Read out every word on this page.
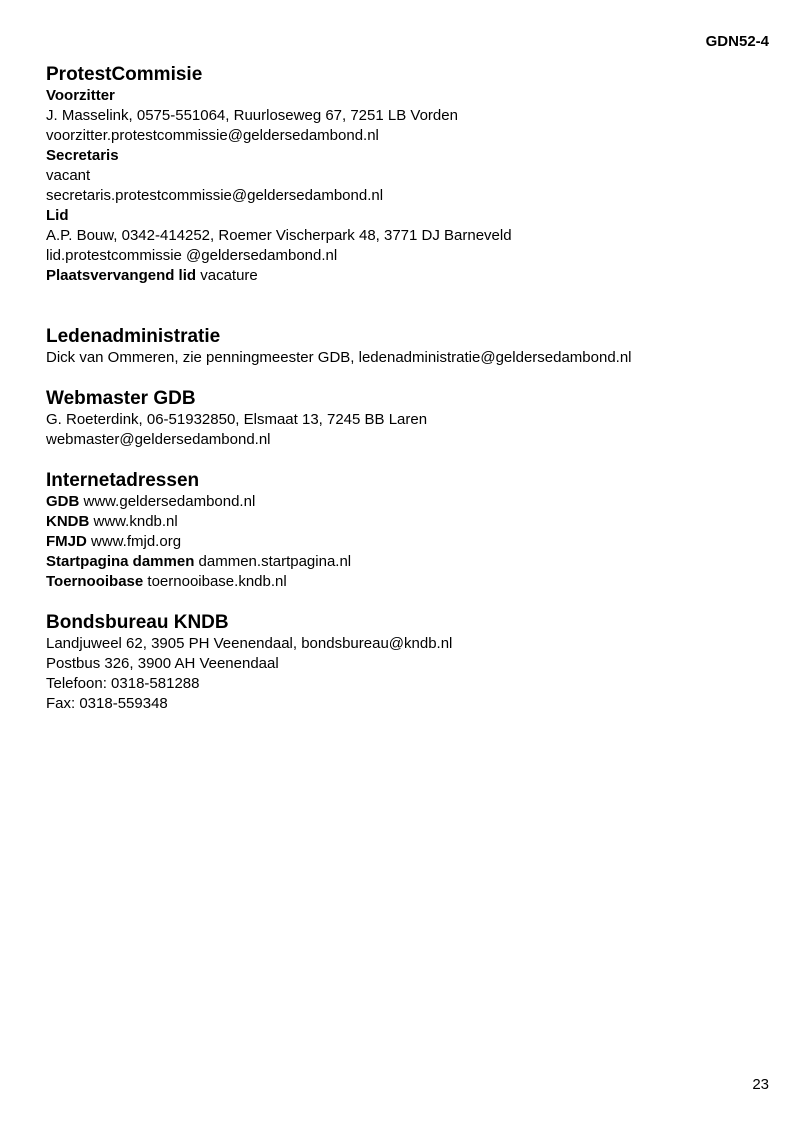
GDN52-4
ProtestCommisie

Voorzitter

J. Masselink, 0575-551064, Ruurloseweg 67, 7251 LB Vorden

voorzitter.protestcommissie@geldersedambond.nl

Secretaris

vacant

secretaris.protestcommissie@geldersedambond.nl

Lid

A.P. Bouw, 0342-414252, Roemer Vischerpark 48, 3771 DJ Barneveld

lid.protestcommissie @geldersedambond.nl

Plaatsvervangend lid vacature

Ledenadministratie

Dick van Ommeren, zie penningmeester GDB, ledenadministratie@geldersedambond.nl

Webmaster GDB

G. Roeterdink, 06-51932850, Elsmaat 13, 7245 BB Laren

webmaster@geldersedambond.nl

Internetadressen

GDB www.geldersedambond.nl

KNDB www.kndb.nl

FMJD www.fmjd.org

Startpagina dammen dammen.startpagina.nl

Toernooibase toernooibase.kndb.nl

Bondsbureau KNDB

Landjuweel 62, 3905 PH Veenendaal, bondsbureau@kndb.nl

Postbus 326, 3900 AH Veenendaal

Telefoon: 0318-581288

Fax: 0318-559348

23
